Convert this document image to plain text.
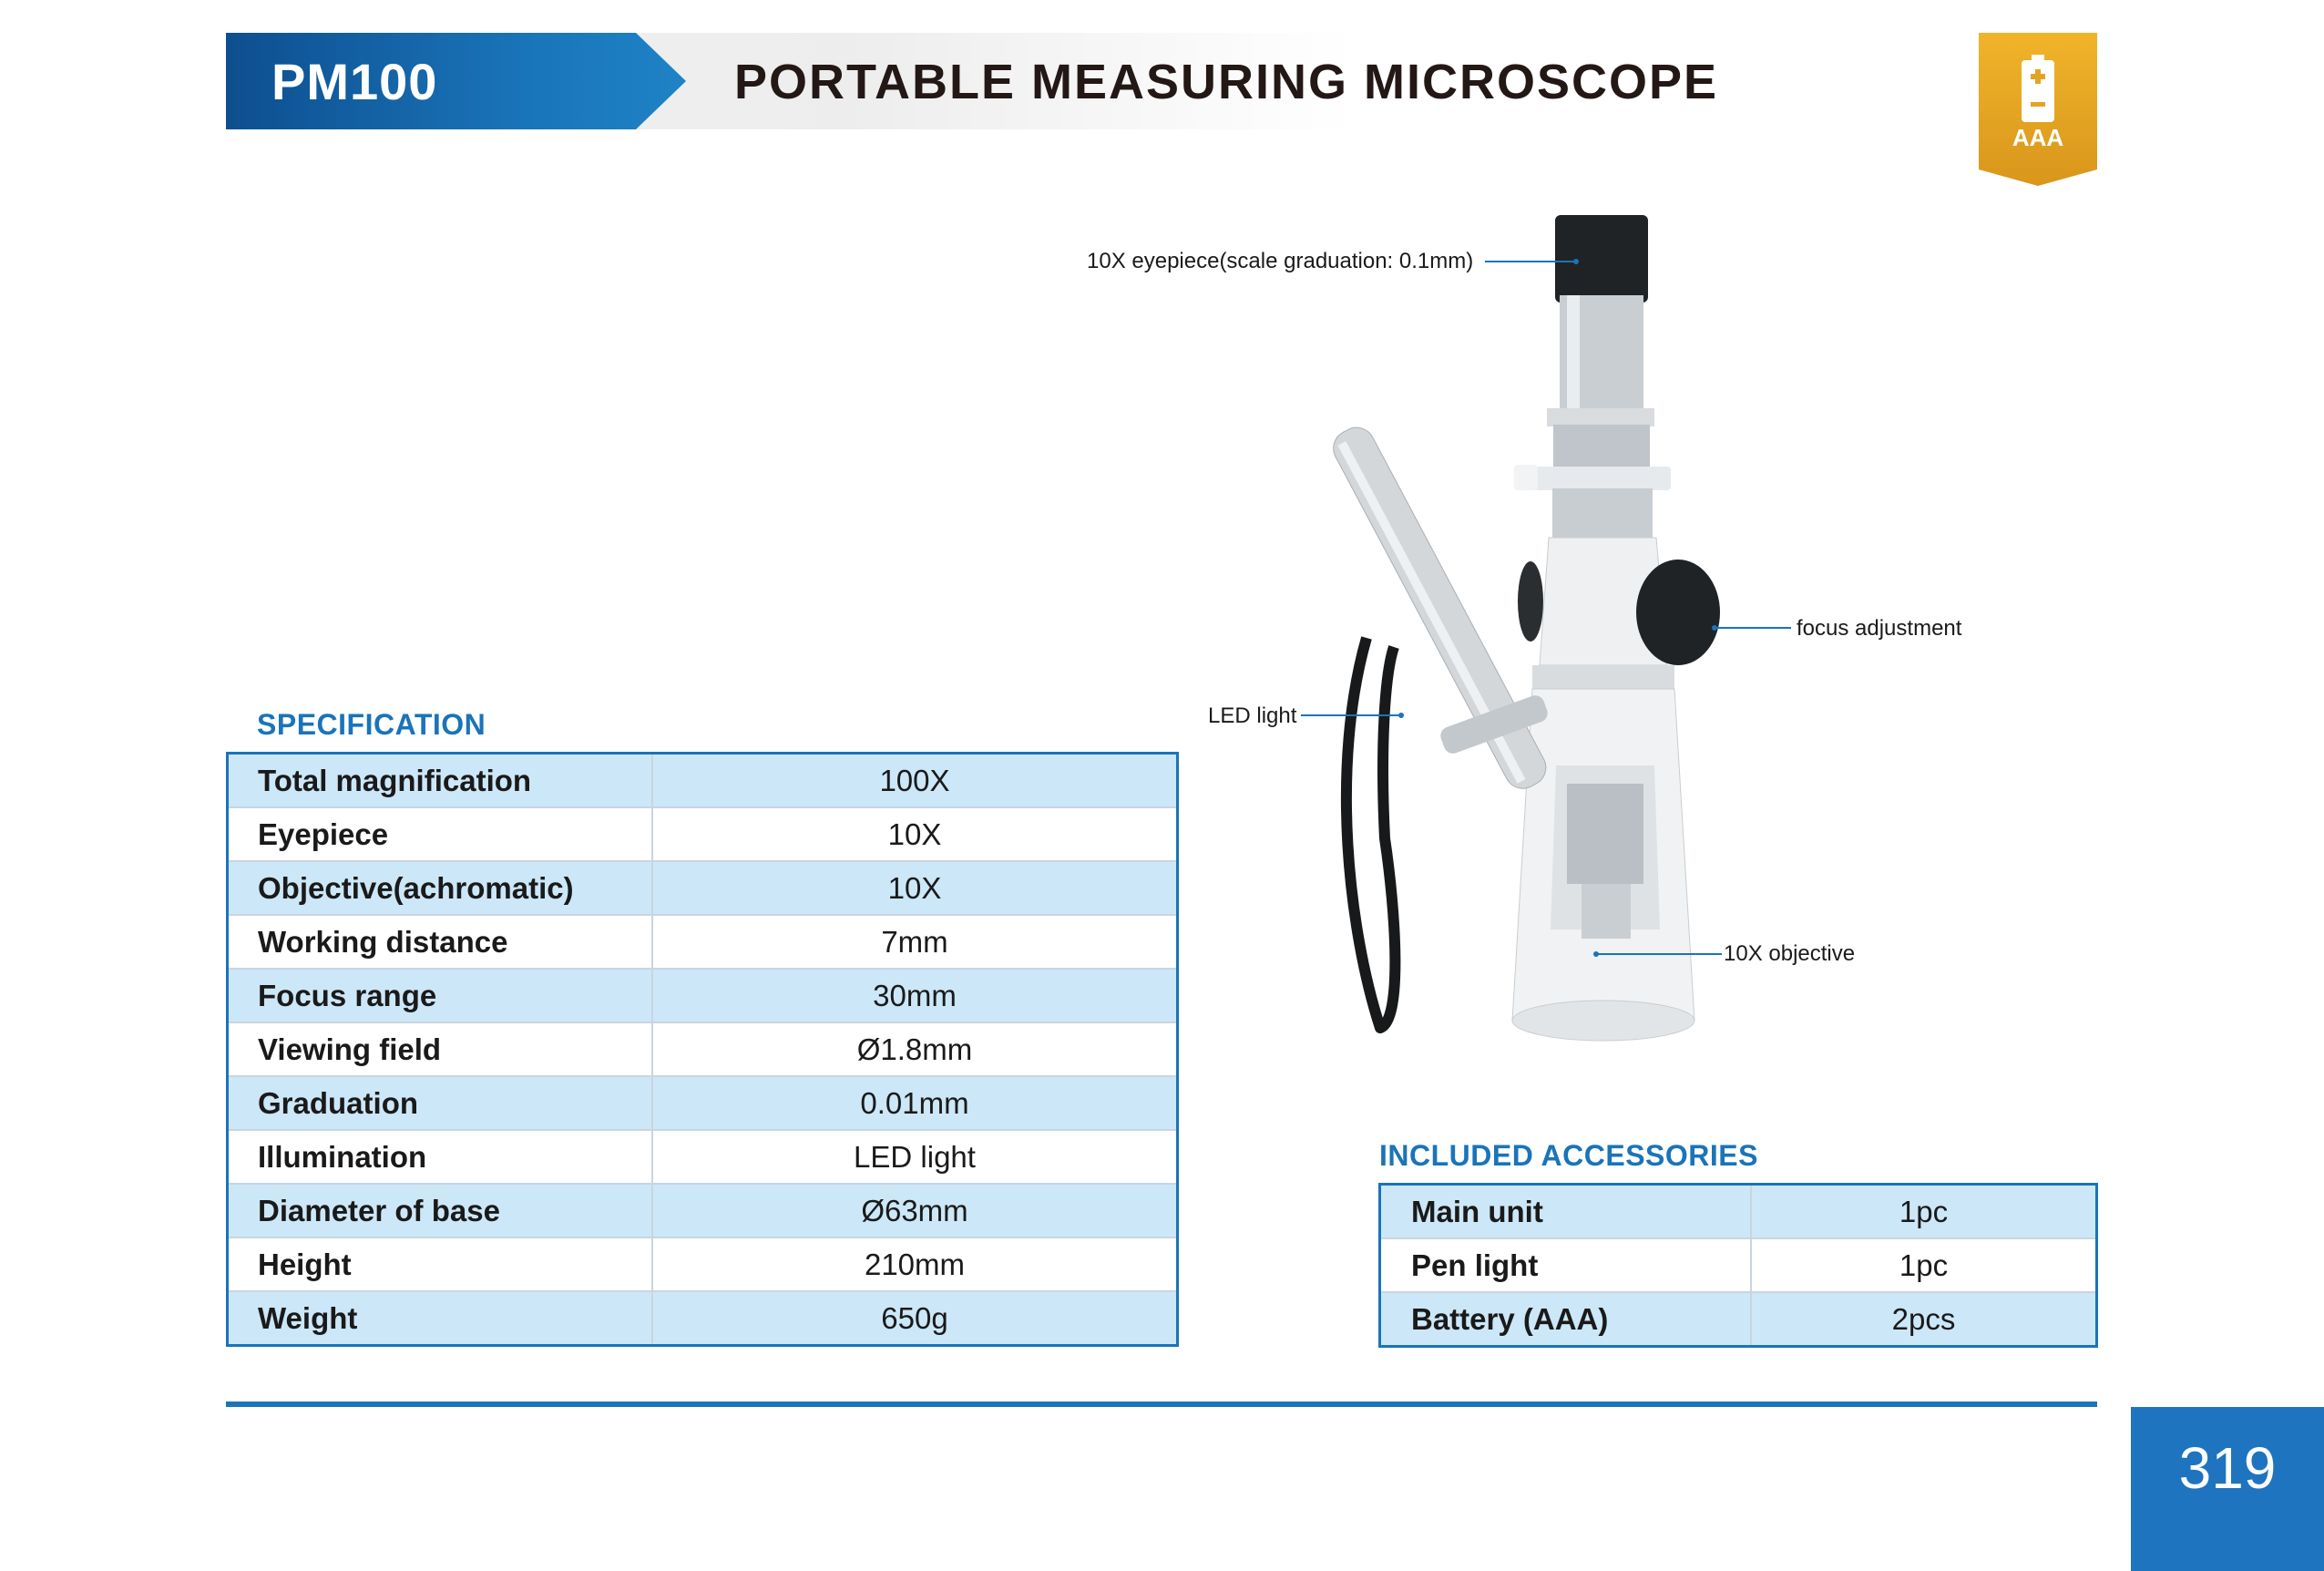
PM100	PORTABLE MEASURING MICROSCOPE
AAA
10X eyepiece(scale graduation: 0.1mm)
focus adjustment
LED light
10X objective
SPECIFICATION
Total magnification	100X
Eyepiece	10X
Objective(achromatic)	10X
Working distance	7mm
Focus range	30mm
Viewing field	Ø1.8mm
Graduation	0.01mm
Illumination	LED light
Diameter of base	Ø63mm
Height	210mm
Weight	650g
INCLUDED ACCESSORIES
Main unit	1pc
Pen light	1pc
Battery (AAA)	2pcs
319
